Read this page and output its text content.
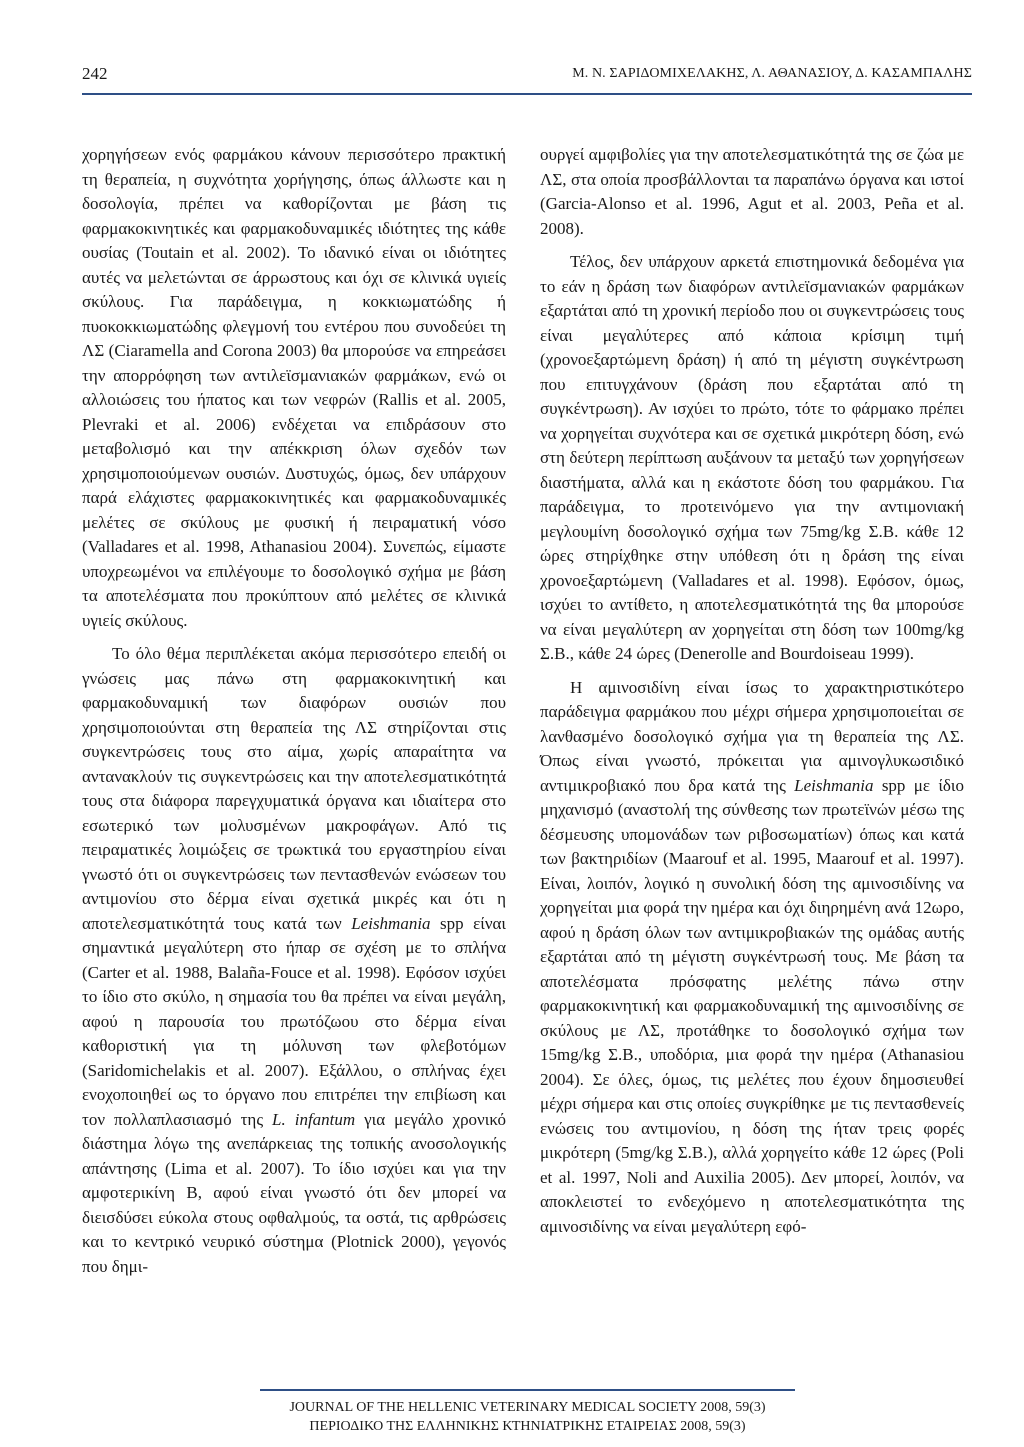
242	Μ. Ν. ΣΑΡΙΔΟΜΙΧΕΛΑΚΗΣ, Λ. ΑΘΑΝΑΣΙΟΥ, Δ. ΚΑΣΑΜΠΑΛΗΣ

χορηγήσεων ενός φαρμάκου κάνουν περισσότερο πρακτική τη θεραπεία, η συχνότητα χορήγησης, όπως άλλωστε και η δοσολογία, πρέπει να καθορίζονται με βάση τις φαρμακοκινητικές και φαρμακοδυναμικές ιδιότητες της κάθε ουσίας (Toutain et al. 2002). Το ιδανικό είναι οι ιδιότητες αυτές να μελετώνται σε άρρωστους και όχι σε κλινικά υγιείς σκύλους. Για παράδειγμα, η κοκκιωματώδης ή πυοκοκκιωματώδης φλεγμονή του εντέρου που συνοδεύει τη ΛΣ (Ciaramella and Corona 2003) θα μπορούσε να επηρεάσει την απορρόφηση των αντιλεϊσμανιακών φαρμάκων, ενώ οι αλλοιώσεις του ήπατος και των νεφρών (Rallis et al. 2005, Plevraki et al. 2006) ενδέχεται να επιδράσουν στο μεταβολισμό και την απέκκριση όλων σχεδόν των χρησιμοποιούμενων ουσιών. Δυστυχώς, όμως, δεν υπάρχουν παρά ελάχιστες φαρμακοκινητικές και φαρμακοδυναμικές μελέτες σε σκύλους με φυσική ή πειραματική νόσο (Valladares et al. 1998, Athanasiou 2004). Συνεπώς, είμαστε υποχρεωμένοι να επιλέγουμε το δοσολογικό σχήμα με βάση τα αποτελέσματα που προκύπτουν από μελέτες σε κλινικά υγιείς σκύλους.

Το όλο θέμα περιπλέκεται ακόμα περισσότερο επειδή οι γνώσεις μας πάνω στη φαρμακοκινητική και φαρμακοδυναμική των διαφόρων ουσιών που χρησιμοποιούνται στη θεραπεία της ΛΣ στηρίζονται στις συγκεντρώσεις τους στο αίμα, χωρίς απαραίτητα να αντανακλούν τις συγκεντρώσεις και την αποτελεσματικότητά τους στα διάφορα παρεγχυματικά όργανα και ιδιαίτερα στο εσωτερικό των μολυσμένων μακροφάγων. Από τις πειραματικές λοιμώξεις σε τρωκτικά του εργαστηρίου είναι γνωστό ότι οι συγκεντρώσεις των πεντασθενών ενώσεων του αντιμονίου στο δέρμα είναι σχετικά μικρές και ότι η αποτελεσματικότητά τους κατά των Leishmania spp είναι σημαντικά μεγαλύτερη στο ήπαρ σε σχέση με το σπλήνα (Carter et al. 1988, Balaña-Fouce et al. 1998). Εφόσον ισχύει το ίδιο στο σκύλο, η σημασία του θα πρέπει να είναι μεγάλη, αφού η παρουσία του πρωτόζωου στο δέρμα είναι καθοριστική για τη μόλυνση των φλεβοτόμων (Saridomichelakis et al. 2007). Εξάλλου, ο σπλήνας έχει ενοχοποιηθεί ως το όργανο που επιτρέπει την επιβίωση και τον πολλαπλασιασμό της L. infantum για μεγάλο χρονικό διάστημα λόγω της ανεπάρκειας της τοπικής ανοσολογικής απάντησης (Lima et al. 2007). Το ίδιο ισχύει και για την αμφοτερικίνη Β, αφού είναι γνωστό ότι δεν μπορεί να διεισδύσει εύκολα στους οφθαλμούς, τα οστά, τις αρθρώσεις και το κεντρικό νευρικό σύστημα (Plotnick 2000), γεγονός που δημι-

ουργεί αμφιβολίες για την αποτελεσματικότητά της σε ζώα με ΛΣ, στα οποία προσβάλλονται τα παραπάνω όργανα και ιστοί (Garcia-Alonso et al. 1996, Agut et al. 2003, Peña et al. 2008).

Τέλος, δεν υπάρχουν αρκετά επιστημονικά δεδομένα για το εάν η δράση των διαφόρων αντιλεϊσμανιακών φαρμάκων εξαρτάται από τη χρονική περίοδο που οι συγκεντρώσεις τους είναι μεγαλύτερες από κάποια κρίσιμη τιμή (χρονοεξαρτώμενη δράση) ή από τη μέγιστη συγκέντρωση που επιτυγχάνουν (δράση που εξαρτάται από τη συγκέντρωση). Αν ισχύει το πρώτο, τότε το φάρμακο πρέπει να χορηγείται συχνότερα και σε σχετικά μικρότερη δόση, ενώ στη δεύτερη περίπτωση αυξάνουν τα μεταξύ των χορηγήσεων διαστήματα, αλλά και η εκάστοτε δόση του φαρμάκου. Για παράδειγμα, το προτεινόμενο για την αντιμονιακή μεγλουμίνη δοσολογικό σχήμα των 75mg/kg Σ.Β. κάθε 12 ώρες στηρίχθηκε στην υπόθεση ότι η δράση της είναι χρονοεξαρτώμενη (Valladares et al. 1998). Εφόσον, όμως, ισχύει το αντίθετο, η αποτελεσματικότητά της θα μπορούσε να είναι μεγαλύτερη αν χορηγείται στη δόση των 100mg/kg Σ.Β., κάθε 24 ώρες (Denerolle and Bourdoiseau 1999).

Η αμινοσιδίνη είναι ίσως το χαρακτηριστικότερο παράδειγμα φαρμάκου που μέχρι σήμερα χρησιμοποιείται σε λανθασμένο δοσολογικό σχήμα για τη θεραπεία της ΛΣ. Όπως είναι γνωστό, πρόκειται για αμινογλυκωσιδικό αντιμικροβιακό που δρα κατά της Leishmania spp με ίδιο μηχανισμό (αναστολή της σύνθεσης των πρωτεϊνών μέσω της δέσμευσης υπομονάδων των ριβοσωματίων) όπως και κατά των βακτηριδίων (Maarouf et al. 1995, Maarouf et al. 1997). Είναι, λοιπόν, λογικό η συνολική δόση της αμινοσιδίνης να χορηγείται μια φορά την ημέρα και όχι διηρημένη ανά 12ωρο, αφού η δράση όλων των αντιμικροβιακών της ομάδας αυτής εξαρτάται από τη μέγιστη συγκέντρωσή τους. Με βάση τα αποτελέσματα πρόσφατης μελέτης πάνω στην φαρμακοκινητική και φαρμακοδυναμική της αμινοσιδίνης σε σκύλους με ΛΣ, προτάθηκε το δοσολογικό σχήμα των 15mg/kg Σ.Β., υποδόρια, μια φορά την ημέρα (Athanasiou 2004). Σε όλες, όμως, τις μελέτες που έχουν δημοσιευθεί μέχρι σήμερα και στις οποίες συγκρίθηκε με τις πεντασθενείς ενώσεις του αντιμονίου, η δόση της ήταν τρεις φορές μικρότερη (5mg/kg Σ.Β.), αλλά χορηγείτο κάθε 12 ώρες (Poli et al. 1997, Noli and Auxilia 2005). Δεν μπορεί, λοιπόν, να αποκλειστεί το ενδεχόμενο η αποτελεσματικότητα της αμινοσιδίνης να είναι μεγαλύτερη εφό-

JOURNAL OF THE HELLENIC VETERINARY MEDICAL SOCIETY 2008, 59(3)
ΠΕΡΙΟΔΙΚΟ ΤΗΣ ΕΛΛΗΝΙΚΗΣ ΚΤΗΝΙΑΤΡΙΚΗΣ ΕΤΑΙΡΕΙΑΣ 2008, 59(3)
